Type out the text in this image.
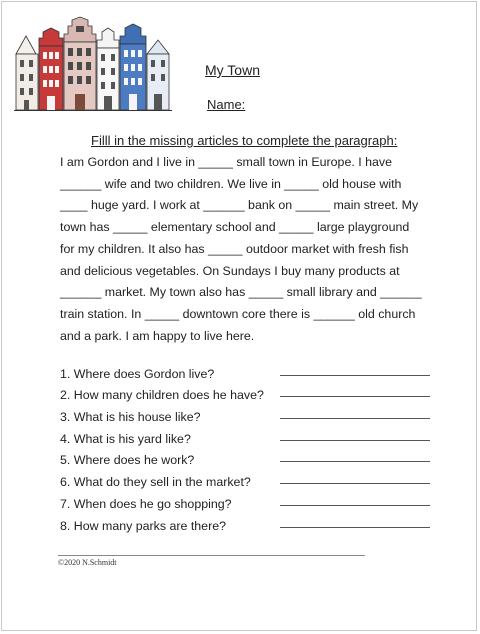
My Town
Name:
Filll in the missing articles to complete the paragraph:
I am Gordon and I live in _____ small town in Europe. I have
______ wife and two children. We live in _____ old house with
____ huge yard. I work at ______ bank on _____ main street. My
town has _____ elementary school and _____ large playground
for my children. It also has _____ outdoor market with fresh fish
and delicious vegetables. On Sundays I buy many products at
______ market. My town also has _____ small library and ______
train station. In _____ downtown core there is ______ old church
and a park. I am happy to live here.
1. Where does Gordon live?
2. How many children does he have?
3. What is his house like?
4. What is his yard like?
5. Where does he work?
6. What do they sell in the market?
7. When does he go shopping?
8. How many parks are there?
©2020 N.Schmidt
